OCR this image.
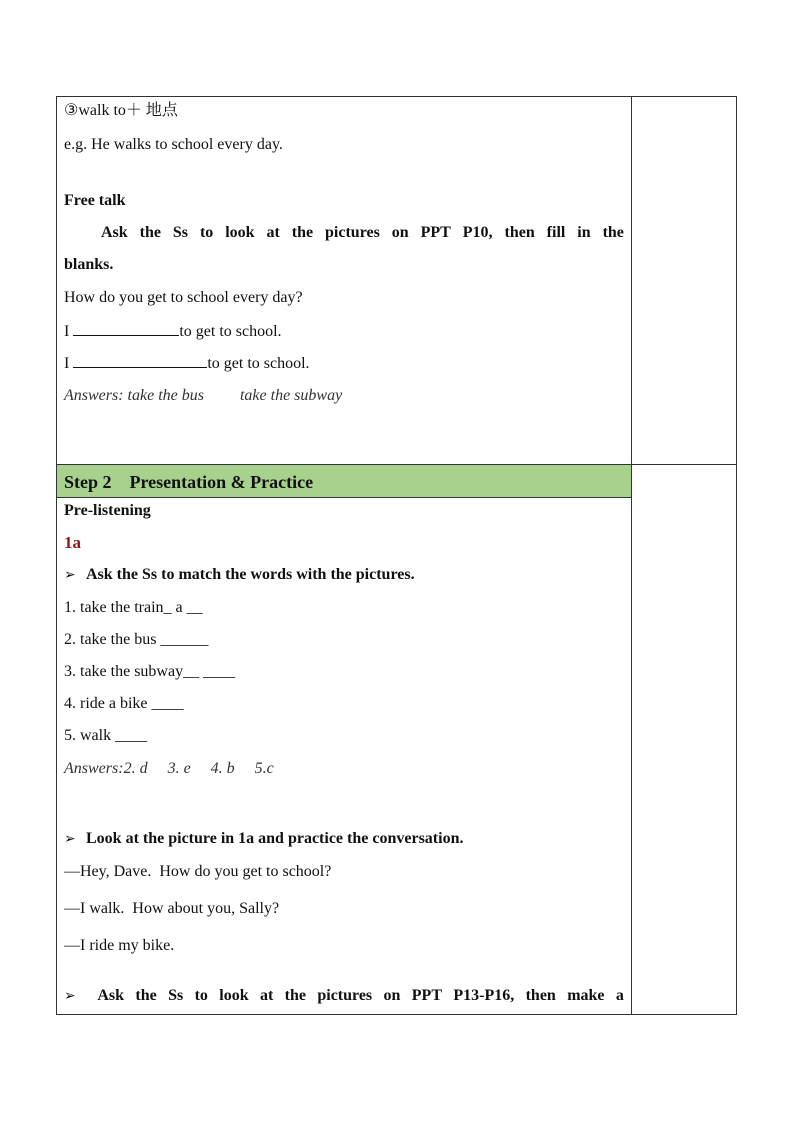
③walk to＋ 地点
e.g. He walks to school every day.
Free talk
Ask the Ss to look at the pictures on PPT P10, then fill in the
blanks.
How do you get to school every day?
I	to get to school.
I	to get to school.
Answers: take the bus take the subway
Step 2    Presentation & Practice
Pre-listening
1a
➢ Ask the Ss to match the words with the pictures.
1. take the train_ a __
2. take the bus ______
3. take the subway__ ____
4. ride a bike ____
5. walk ____
Answers:2. d     3. e     4. b     5.c
➢ Look at the picture in 1a and practice the conversation.
—Hey, Dave.  How do you get to school?
—I walk.  How about you, Sally?
—I ride my bike.
➢	Ask the Ss to look at the pictures on PPT P13-P16, then make a
